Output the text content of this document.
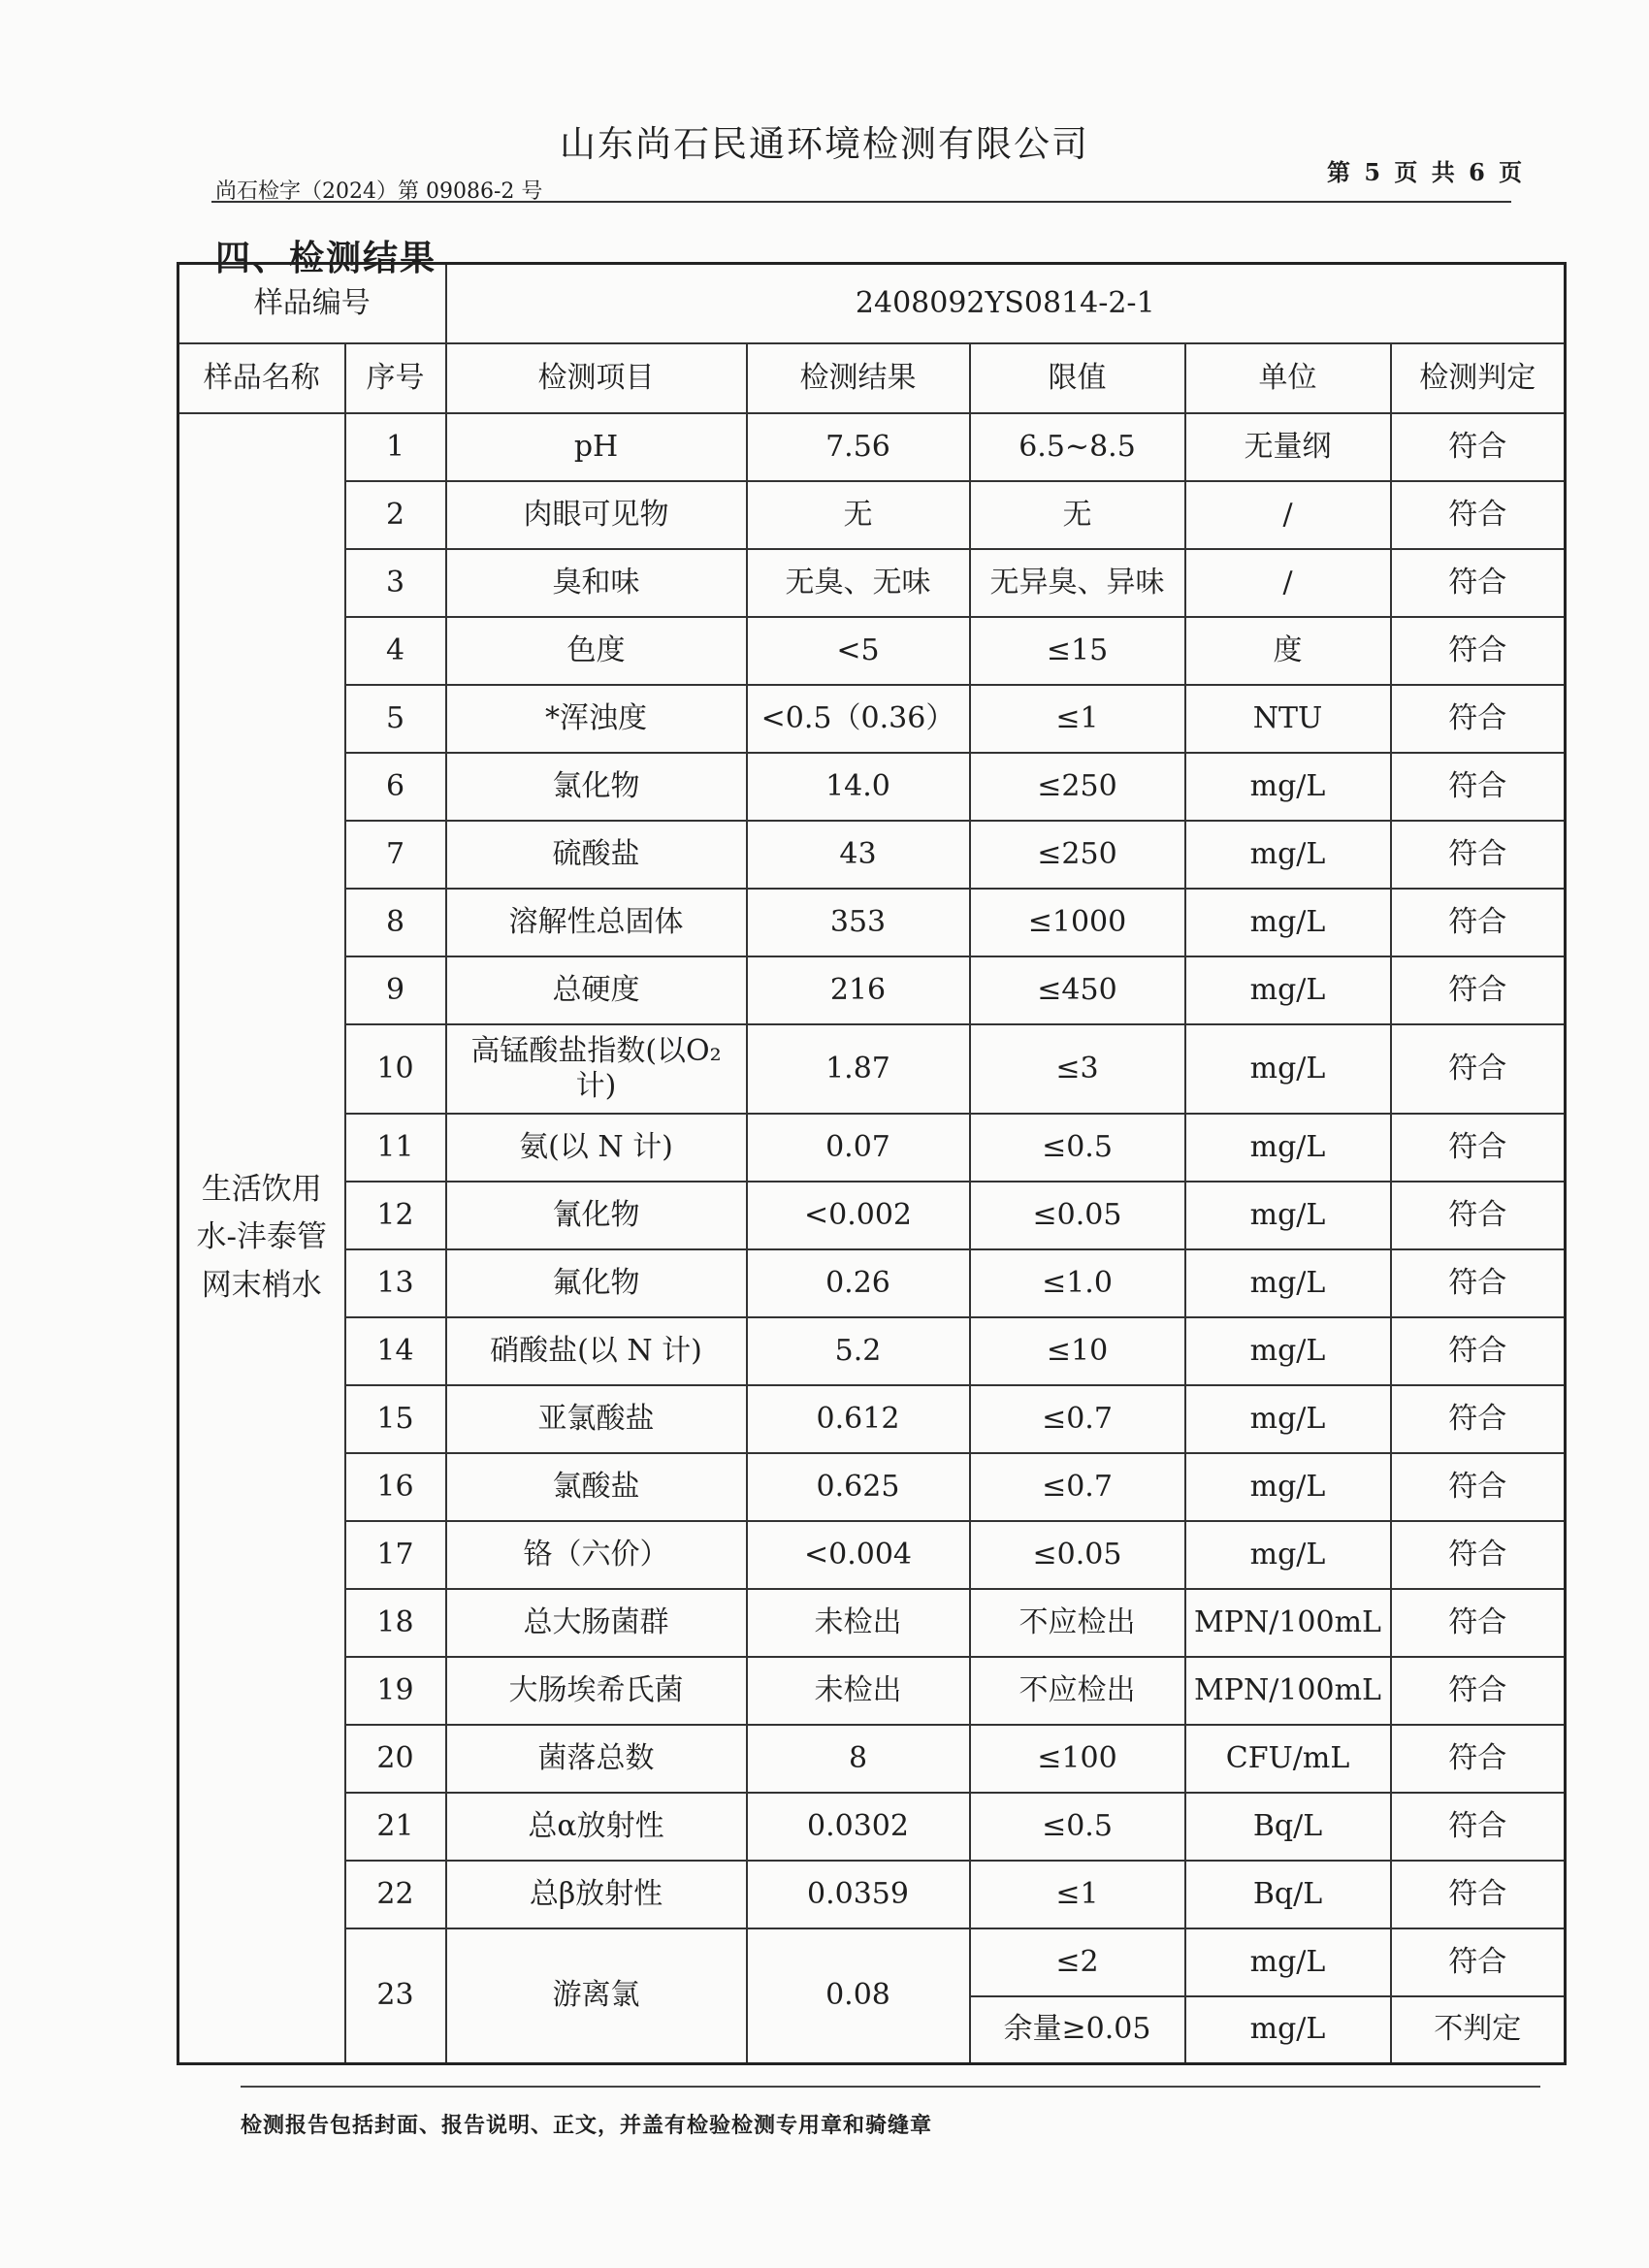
山东尚石民通环境检测有限公司
尚石检字（2024）第 09086-2 号
第 5 页 共 6 页
四、检测结果
样品编号		2408092YS0814-2-1				
样品名称	序号	检测项目	检测结果	限值	单位	检测判定
生活饮用水-沣泰管网末梢水	1	pH	7.56	6.5~8.5	无量纲	符合
	2	肉眼可见物	无	无	/	符合
	3	臭和味	无臭、无味	无异臭、异味	/	符合
	4	色度	<5	≤15	度	符合
	5	*浑浊度	<0.5（0.36）	≤1	NTU	符合
	6	氯化物	14.0	≤250	mg/L	符合
	7	硫酸盐	43	≤250	mg/L	符合
	8	溶解性总固体	353	≤1000	mg/L	符合
	9	总硬度	216	≤450	mg/L	符合
	10	高锰酸盐指数(以O₂计)	1.87	≤3	mg/L	符合
	11	氨(以 N 计)	0.07	≤0.5	mg/L	符合
	12	氰化物	<0.002	≤0.05	mg/L	符合
	13	氟化物	0.26	≤1.0	mg/L	符合
	14	硝酸盐(以 N 计)	5.2	≤10	mg/L	符合
	15	亚氯酸盐	0.612	≤0.7	mg/L	符合
	16	氯酸盐	0.625	≤0.7	mg/L	符合
	17	铬（六价）	<0.004	≤0.05	mg/L	符合
	18	总大肠菌群	未检出	不应检出	MPN/100mL	符合
	19	大肠埃希氏菌	未检出	不应检出	MPN/100mL	符合
	20	菌落总数	8	≤100	CFU/mL	符合
	21	总α放射性	0.0302	≤0.5	Bq/L	符合
	22	总β放射性	0.0359	≤1	Bq/L	符合
	23	游离氯	0.08	≤2	mg/L	符合
				余量≥0.05	mg/L	不判定
检测报告包括封面、报告说明、正文，并盖有检验检测专用章和骑缝章
